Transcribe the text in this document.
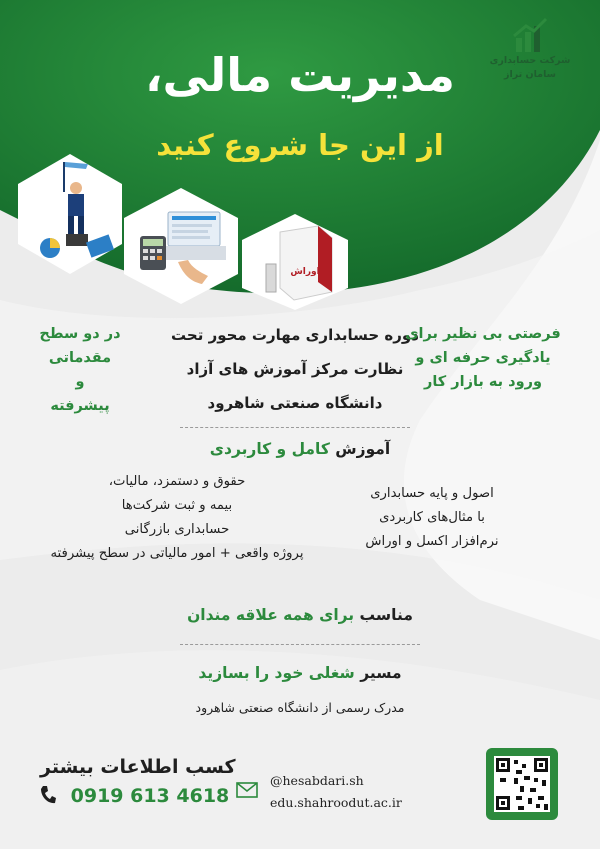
شرکت حسابداری
سامان تراز
مدیریت مالی،
از این جا شروع کنید
اوراش
در دو سطح مقدماتی
و
پیشرفته
دوره حسابداری مهارت محور تحت
نظارت مرکز آموزش های آزاد
دانشگاه صنعتی شاهرود
فرصتی بی نظیر برای
یادگیری حرفه ای و
ورود به بازار کار
آموزش کامل و کاربردی
اصول و پایه حسابداری
با مثال‌های کاربردی
نرم‌افزار اکسل و اوراش
حقوق و دستمزد، مالیات،
بیمه و ثبت شرکت‌ها
حسابداری بازرگانی
پروژه واقعی + امور مالیاتی در سطح پیشرفته
مناسب برای همه علاقه مندان
مسیر شغلی خود را بسازید
مدرک رسمی از دانشگاه صنعتی شاهرود
کسب اطلاعات بیشتر
0919 613 4618
@hesabdari.sh
edu.shahroodut.ac.ir
